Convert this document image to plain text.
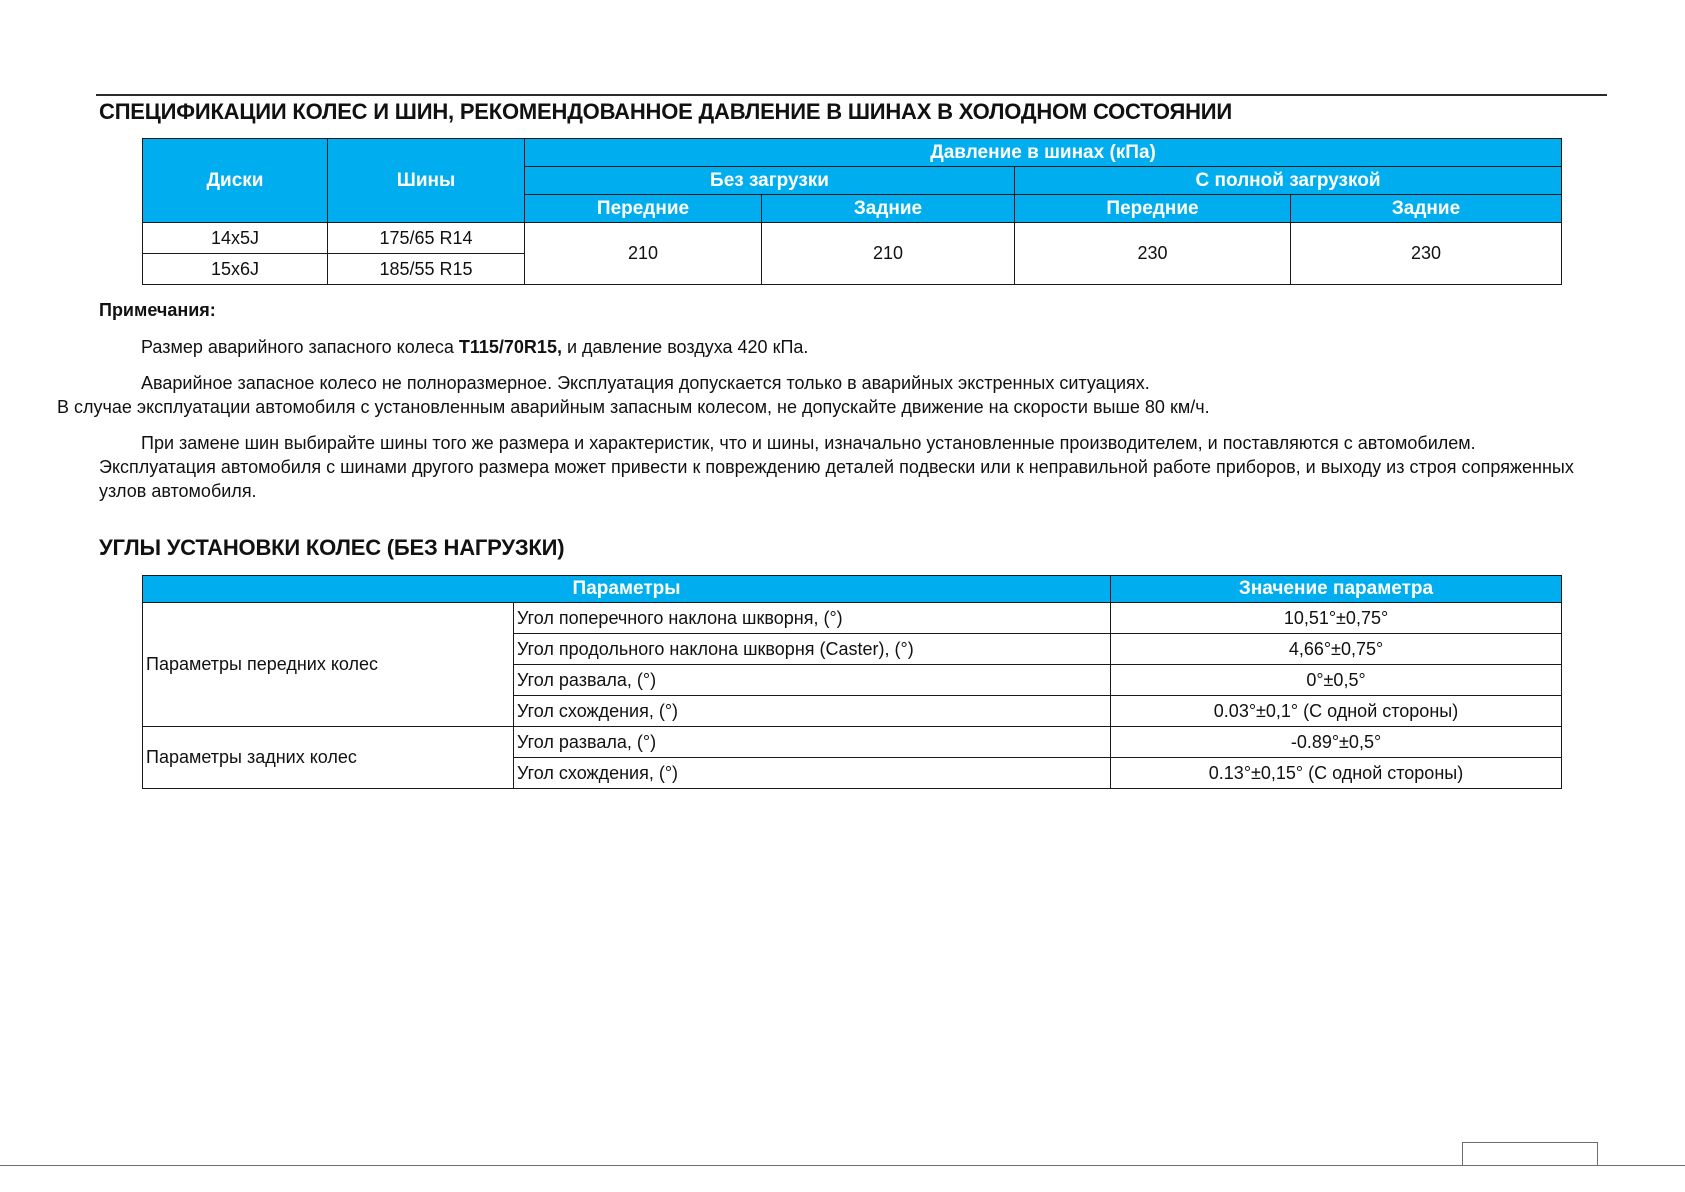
СПЕЦИФИКАЦИИ КОЛЕС И ШИН, РЕКОМЕНДОВАННОЕ ДАВЛЕНИЕ В ШИНАХ В ХОЛОДНОМ СОСТОЯНИИ
Диски	Шины	Давление в шинах (кПа)			
		Без загрузки		С полной загрузкой	
		Передние	Задние	Передние	Задние
14x5J	175/65 R14	210	210	230	230
15x6J	185/55 R15				

Примечания:

Размер аварийного запасного колеса T115/70R15, и давление воздуха 420 кПа.

Аварийное запасное колесо не полноразмерное. Эксплуатация допускается только в аварийных экстренных ситуациях.
В случае эксплуатации автомобиля с установленным аварийным запасным колесом, не допускайте движение на скорости выше 80 км/ч.

При замене шин выбирайте шины того же размера и характеристик, что и шины, изначально установленные производителем, и поставляются с автомобилем. Эксплуатация автомобиля с шинами другого размера может привести к повреждению деталей подвески или к неправильной работе приборов, и выходу из строя сопряженных узлов автомобиля.

УГЛЫ УСТАНОВКИ КОЛЕС (БЕЗ НАГРУЗКИ)
Параметры		Значение параметра
Параметры передних колес	Угол поперечного наклона шкворня, (°)	10,51°±0,75°
	Угол продольного наклона шкворня (Caster), (°)	4,66°±0,75°
	Угол развала, (°)	0°±0,5°
	Угол схождения, (°)	0.03°±0,1° (С одной стороны)
Параметры задних колес	Угол развала, (°)	-0.89°±0,5°
	Угол схождения, (°)	0.13°±0,15° (С одной стороны)
